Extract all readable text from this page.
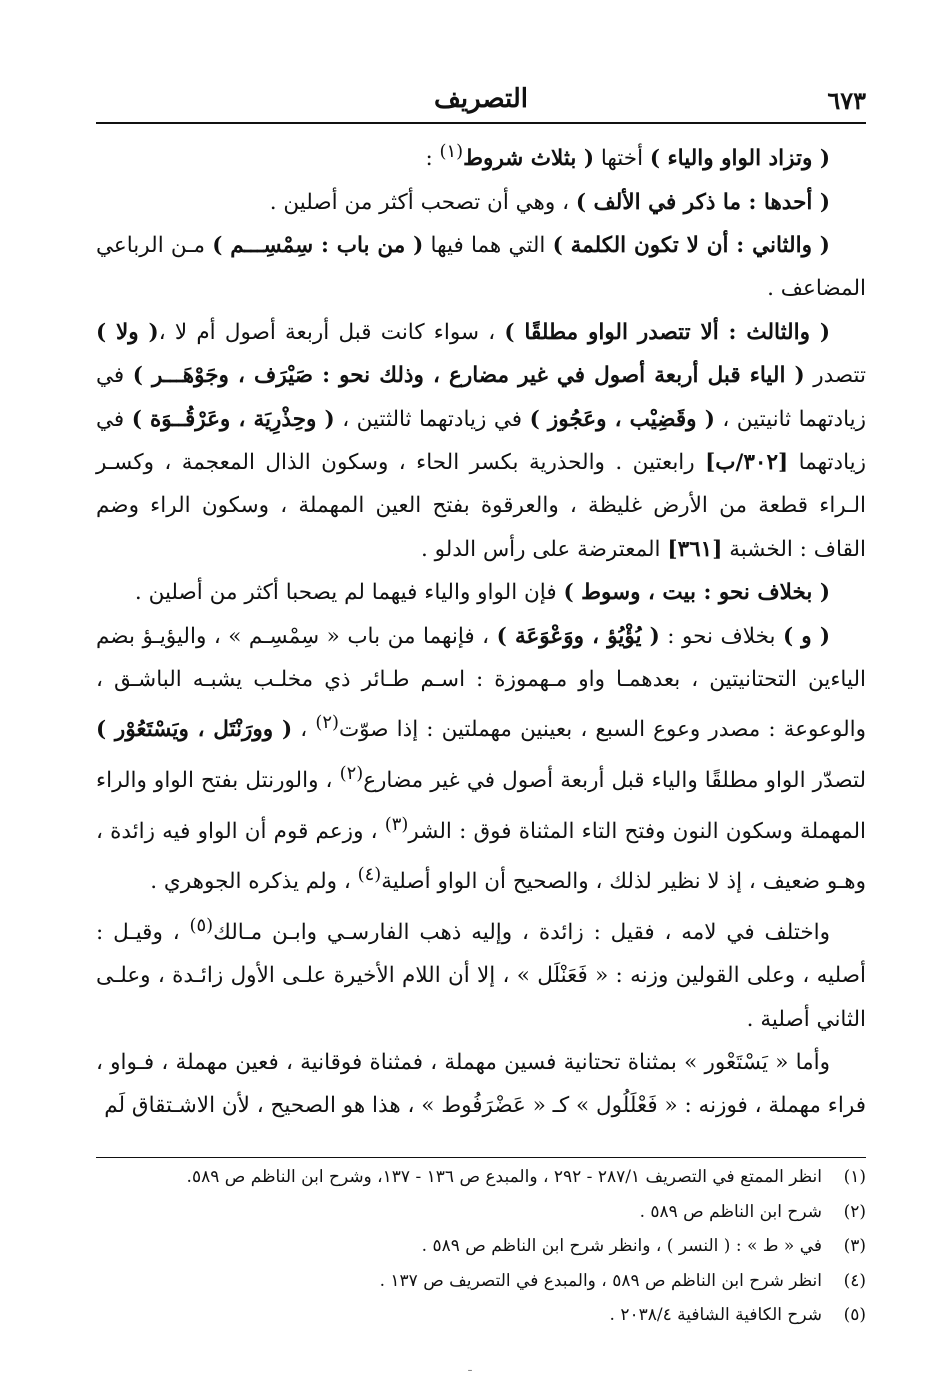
التصريف	٦٧٣

( وتزاد الواو والياء ) أختها ( بثلاث شروط$^{(١)}$ :

( أحدها : ما ذكر في الألف ) ، وهي أن تصحب أكثر من أصلين .

( والثاني : أن لا تكون الكلمة ) التي هما فيها ( من باب : سِمْسِـــم ) مـن الرباعي المضاعف .

( والثالث : ألا تتصدر الواو مطلقًا ) ، سواء كانت قبل أربعة أصول أم لا ،( ولا ) تتصدر ( الياء قبل أربعة أصول في غير مضارع ، وذلك نحو : صَيْرَف ، وجَوْهَـــر ) في زيادتهما ثانيتين ، ( وقَضِيْب ، وعَجُوز ) في زيادتهما ثالثتين ، ( وحِذْرِيَة ، وعَرْقُــوَة ) في زيادتهما [٣٠٢/ب] رابعتين . والحذرية بكسر الحاء ، وسكون الذال المعجمة ، وكسـر الـراء قطعة من الأرض غليظة ، والعرقوة بفتح العين المهملة ، وسكون الراء وضم القاف : الخشبة [٣٦١] المعترضة على رأس الدلو .

( بخلاف نحو : بيت ، وسوط ) فإن الواو والياء فيهما لم يصحبا أكثر من أصلين .

( و ) بخلاف نحو : ( يُؤْيُؤ ، ووَعْوَعَة ) ، فإنهما من باب « سِمْسِـم » ، واليؤيـؤ بضم الياءين التحتانيتين ، بعدهمـا واو مـهموزة : اسـم طـائر ذي مخلـب يشبـه الباشـق ، والوعوعة : مصدر وعوع السبع ، بعينين مهملتين : إذا صوّت$^{(٢)}$ ، ( وورَنْتَل ، ويَسْتَعُوْر ) لتصدّر الواو مطلقًا والياء قبل أربعة أصول في غير مضارع$^{(٢)}$ ، والورنتل بفتح الواو والراء المهملة وسكون النون وفتح التاء المثناة فوق : الشر$^{(٣)}$ ، وزعم قوم أن الواو فيه زائدة ، وهـو ضعيف ، إذ لا نظير لذلك ، والصحيح أن الواو أصلية$^{(٤)}$ ، ولم يذكره الجوهري .

واختلف في لامه ، فقيل : زائدة ، وإليه ذهب الفارسـي وابـن مـالك$^{(٥)}$ ، وقيـل : أصليه ، وعلى القولين وزنه : « فَعَنْلَل » ، إلا أن اللام الأخيرة علـى الأول زائـدة ، وعلـى الثاني أصلية .

وأما « يَسْتَعْور » بمثناة تحتانية فسين مهملة ، فمثناة فوقانية ، فعين مهملة ، فـواو ، فراء مهملة ، فوزنه : « فَعْلَلُول » كـ « عَضْرَفُوط » ، هذا هو الصحيح ، لأن الاشـتقاق لَم

(١)
انظر الممتع في التصريف ٢٨٧/١ - ٢٩٢ ، والمبدع ص ١٣٦ - ١٣٧، وشرح ابن الناظم ص ٥٨٩.
(٢)
شرح ابن الناظم ص ٥٨٩ .
(٣)
في « ط » : ( النسر ) ، وانظر شرح ابن الناظم ص ٥٨٩ .
(٤)
انظر شرح ابن الناظم ص ٥٨٩ ، والمبدع في التصريف ص ١٣٧ .
(٥)
شرح الكافية الشافية ٢٠٣٨/٤ .
ـ
